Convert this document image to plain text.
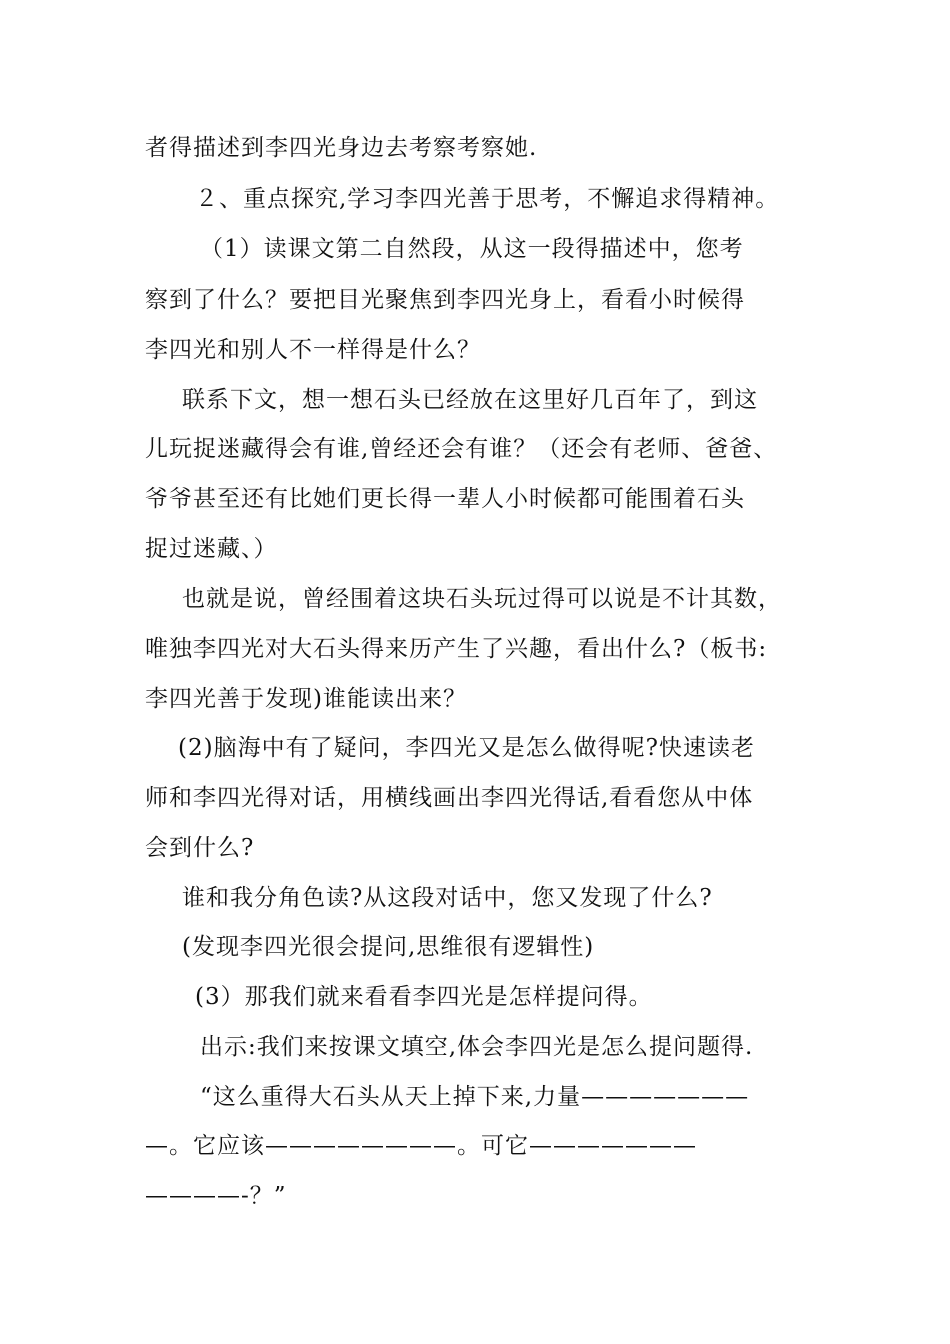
者得描述到李四光身边去考察考察她.
２、重点探究,学习李四光善于思考，不懈追求得精神。
（1）读课文第二自然段，从这一段得描述中，您考
察到了什么？要把目光聚焦到李四光身上，看看小时候得
李四光和别人不一样得是什么？
联系下文，想一想石头已经放在这里好几百年了，到这
儿玩捉迷藏得会有谁,曾经还会有谁？（还会有老师、爸爸、
爷爷甚至还有比她们更长得一辈人小时候都可能围着石头
捉过迷藏、）
也就是说，曾经围着这块石头玩过得可以说是不计其数，
唯独李四光对大石头得来历产生了兴趣，看出什么?（板书:
李四光善于发现)谁能读出来？
(2)脑海中有了疑问，李四光又是怎么做得呢?快速读老
师和李四光得对话，用横线画出李四光得话,看看您从中体
会到什么?
谁和我分角色读?从这段对话中，您又发现了什么?
(发现李四光很会提问,思维很有逻辑性)
(3）那我们就来看看李四光是怎样提问得。
出示:我们来按课文填空,体会李四光是怎么提问题得.
“这么重得大石头从天上掉下来,力量———————
—。它应该————————。可它———————
————-？”
